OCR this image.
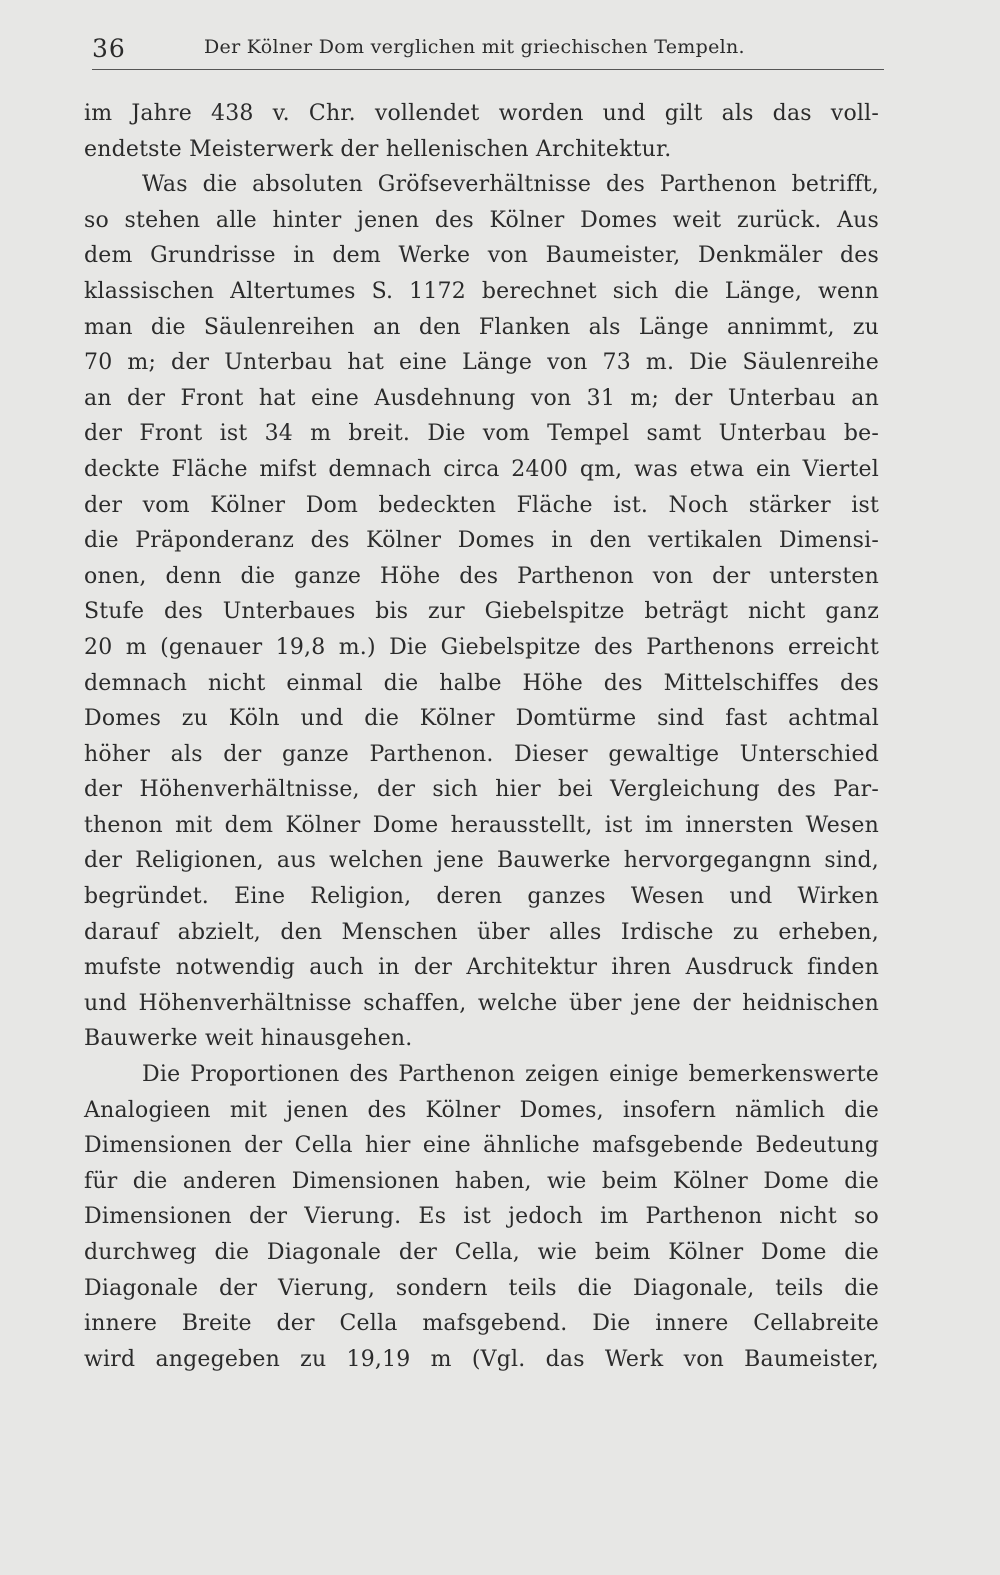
36	Der Kölner Dom verglichen mit griechischen Tempeln.
im Jahre 438 v. Chr. vollendet worden und gilt als das voll-
endetste Meisterwerk der hellenischen Architektur.
Was die absoluten Gröfseverhältnisse des Parthenon betrifft,
so stehen alle hinter jenen des Kölner Domes weit zurück. Aus
dem Grundrisse in dem Werke von Baumeister, Denkmäler des
klassischen Altertumes S. 1172 berechnet sich die Länge, wenn
man die Säulenreihen an den Flanken als Länge annimmt, zu
70 m; der Unterbau hat eine Länge von 73 m. Die Säulenreihe
an der Front hat eine Ausdehnung von 31 m; der Unterbau an
der Front ist 34 m breit. Die vom Tempel samt Unterbau be-
deckte Fläche mifst demnach circa 2400 qm, was etwa ein Viertel
der vom Kölner Dom bedeckten Fläche ist. Noch stärker ist
die Präponderanz des Kölner Domes in den vertikalen Dimensi-
onen, denn die ganze Höhe des Parthenon von der untersten
Stufe des Unterbaues bis zur Giebelspitze beträgt nicht ganz
20 m (genauer 19,8 m.) Die Giebelspitze des Parthenons erreicht
demnach nicht einmal die halbe Höhe des Mittelschiffes des
Domes zu Köln und die Kölner Domtürme sind fast achtmal
höher als der ganze Parthenon. Dieser gewaltige Unterschied
der Höhenverhältnisse, der sich hier bei Vergleichung des Par-
thenon mit dem Kölner Dome herausstellt, ist im innersten Wesen
der Religionen, aus welchen jene Bauwerke hervorgegangnn sind,
begründet. Eine Religion, deren ganzes Wesen und Wirken
darauf abzielt, den Menschen über alles Irdische zu erheben,
mufste notwendig auch in der Architektur ihren Ausdruck finden
und Höhenverhältnisse schaffen, welche über jene der heidnischen
Bauwerke weit hinausgehen.
Die Proportionen des Parthenon zeigen einige bemerkenswerte
Analogieen mit jenen des Kölner Domes, insofern nämlich die
Dimensionen der Cella hier eine ähnliche mafsgebende Bedeutung
für die anderen Dimensionen haben, wie beim Kölner Dome die
Dimensionen der Vierung. Es ist jedoch im Parthenon nicht so
durchweg die Diagonale der Cella, wie beim Kölner Dome die
Diagonale der Vierung, sondern teils die Diagonale, teils die
innere Breite der Cella mafsgebend. Die innere Cellabreite
wird angegeben zu 19,19 m (Vgl. das Werk von Baumeister,
